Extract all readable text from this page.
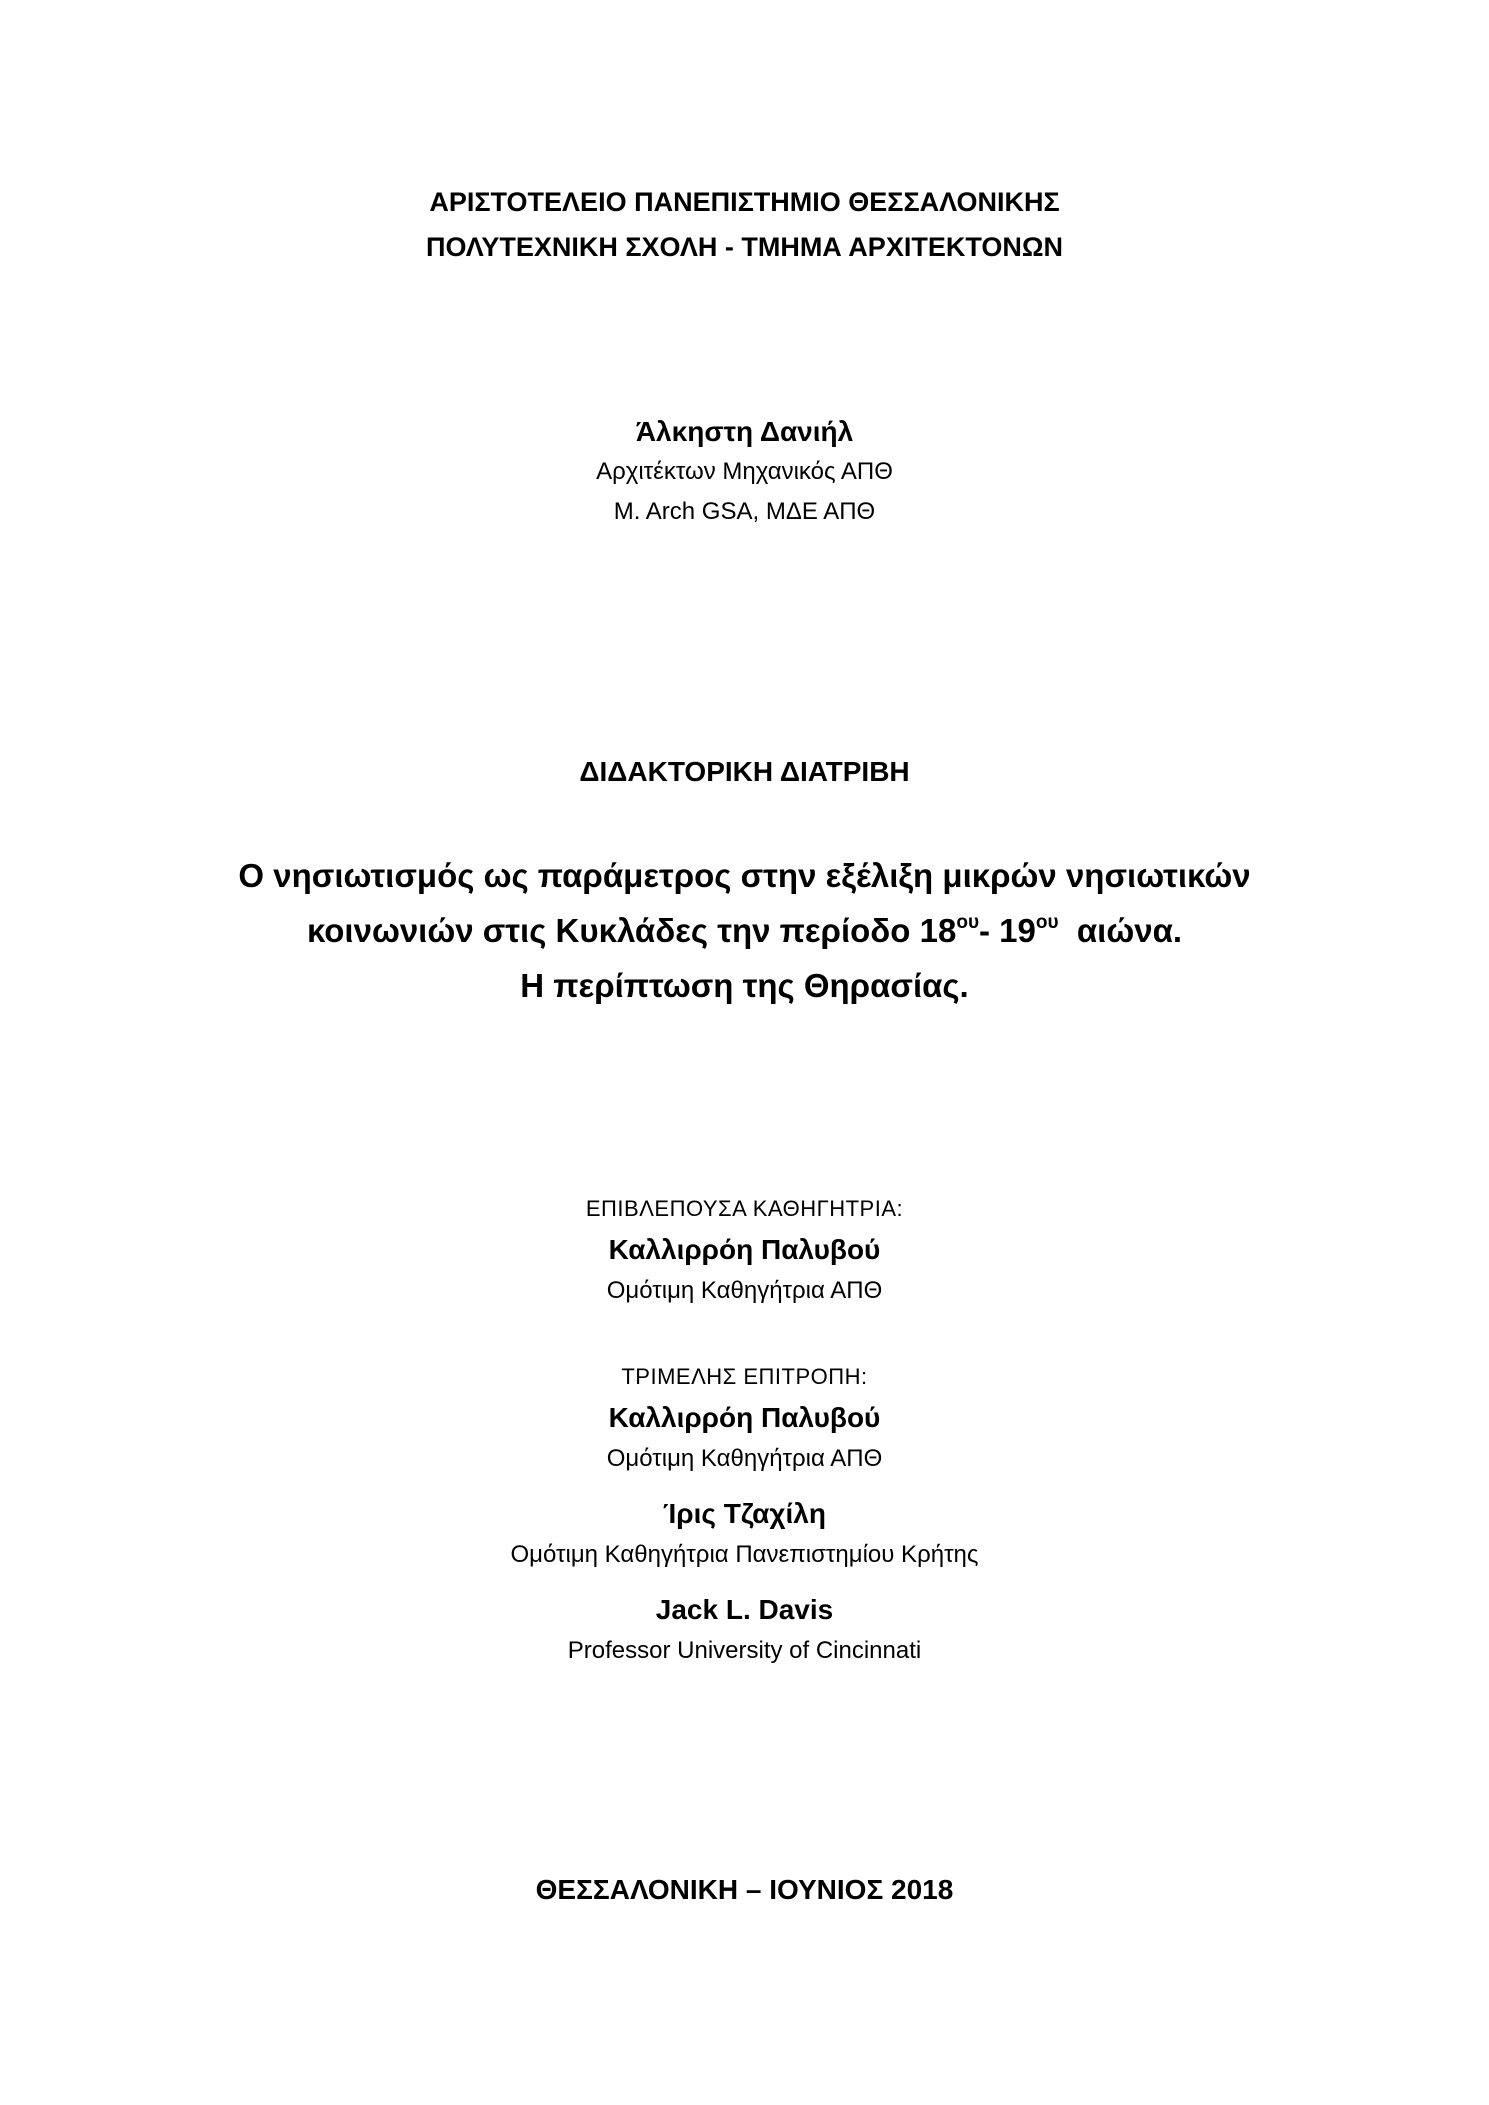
ΑΡΙΣΤΟΤΕΛΕΙΟ ΠΑΝΕΠΙΣΤΗΜΙΟ ΘΕΣΣΑΛΟΝΙΚΗΣ
ΠΟΛΥΤΕΧΝΙΚΗ ΣΧΟΛΗ - ΤΜΗΜΑ ΑΡΧΙΤΕΚΤΟΝΩΝ
Άλκηστη Δανιήλ
Αρχιτέκτων Μηχανικός ΑΠΘ
M. Arch GSA, ΜΔΕ ΑΠΘ
ΔΙΔΑΚΤΟΡΙΚΗ ΔΙΑΤΡΙΒΗ
Ο νησιωτισμός ως παράμετρος στην εξέλιξη μικρών νησιωτικών
κοινωνιών στις Κυκλάδες την περίοδο $18^{o\upsilon}-$ $19^{o\upsilon}$  αιώνα.
Η περίπτωση της Θηρασίας.
ΕΠΙΒΛΕΠΟΥΣΑ ΚΑΘΗΓΗΤΡΙΑ:
Καλλιρρόη Παλυβού
Ομότιμη Καθηγήτρια ΑΠΘ
ΤΡΙΜΕΛΗΣ ΕΠΙΤΡΟΠΗ:
Καλλιρρόη Παλυβού
Ομότιμη Καθηγήτρια ΑΠΘ
Ίρις Τζαχίλη
Ομότιμη Καθηγήτρια Πανεπιστημίου Κρήτης
Jack L. Davis
Professor University of Cincinnati
ΘΕΣΣΑΛΟΝΙΚΗ – ΙΟΥΝΙΟΣ 2018
